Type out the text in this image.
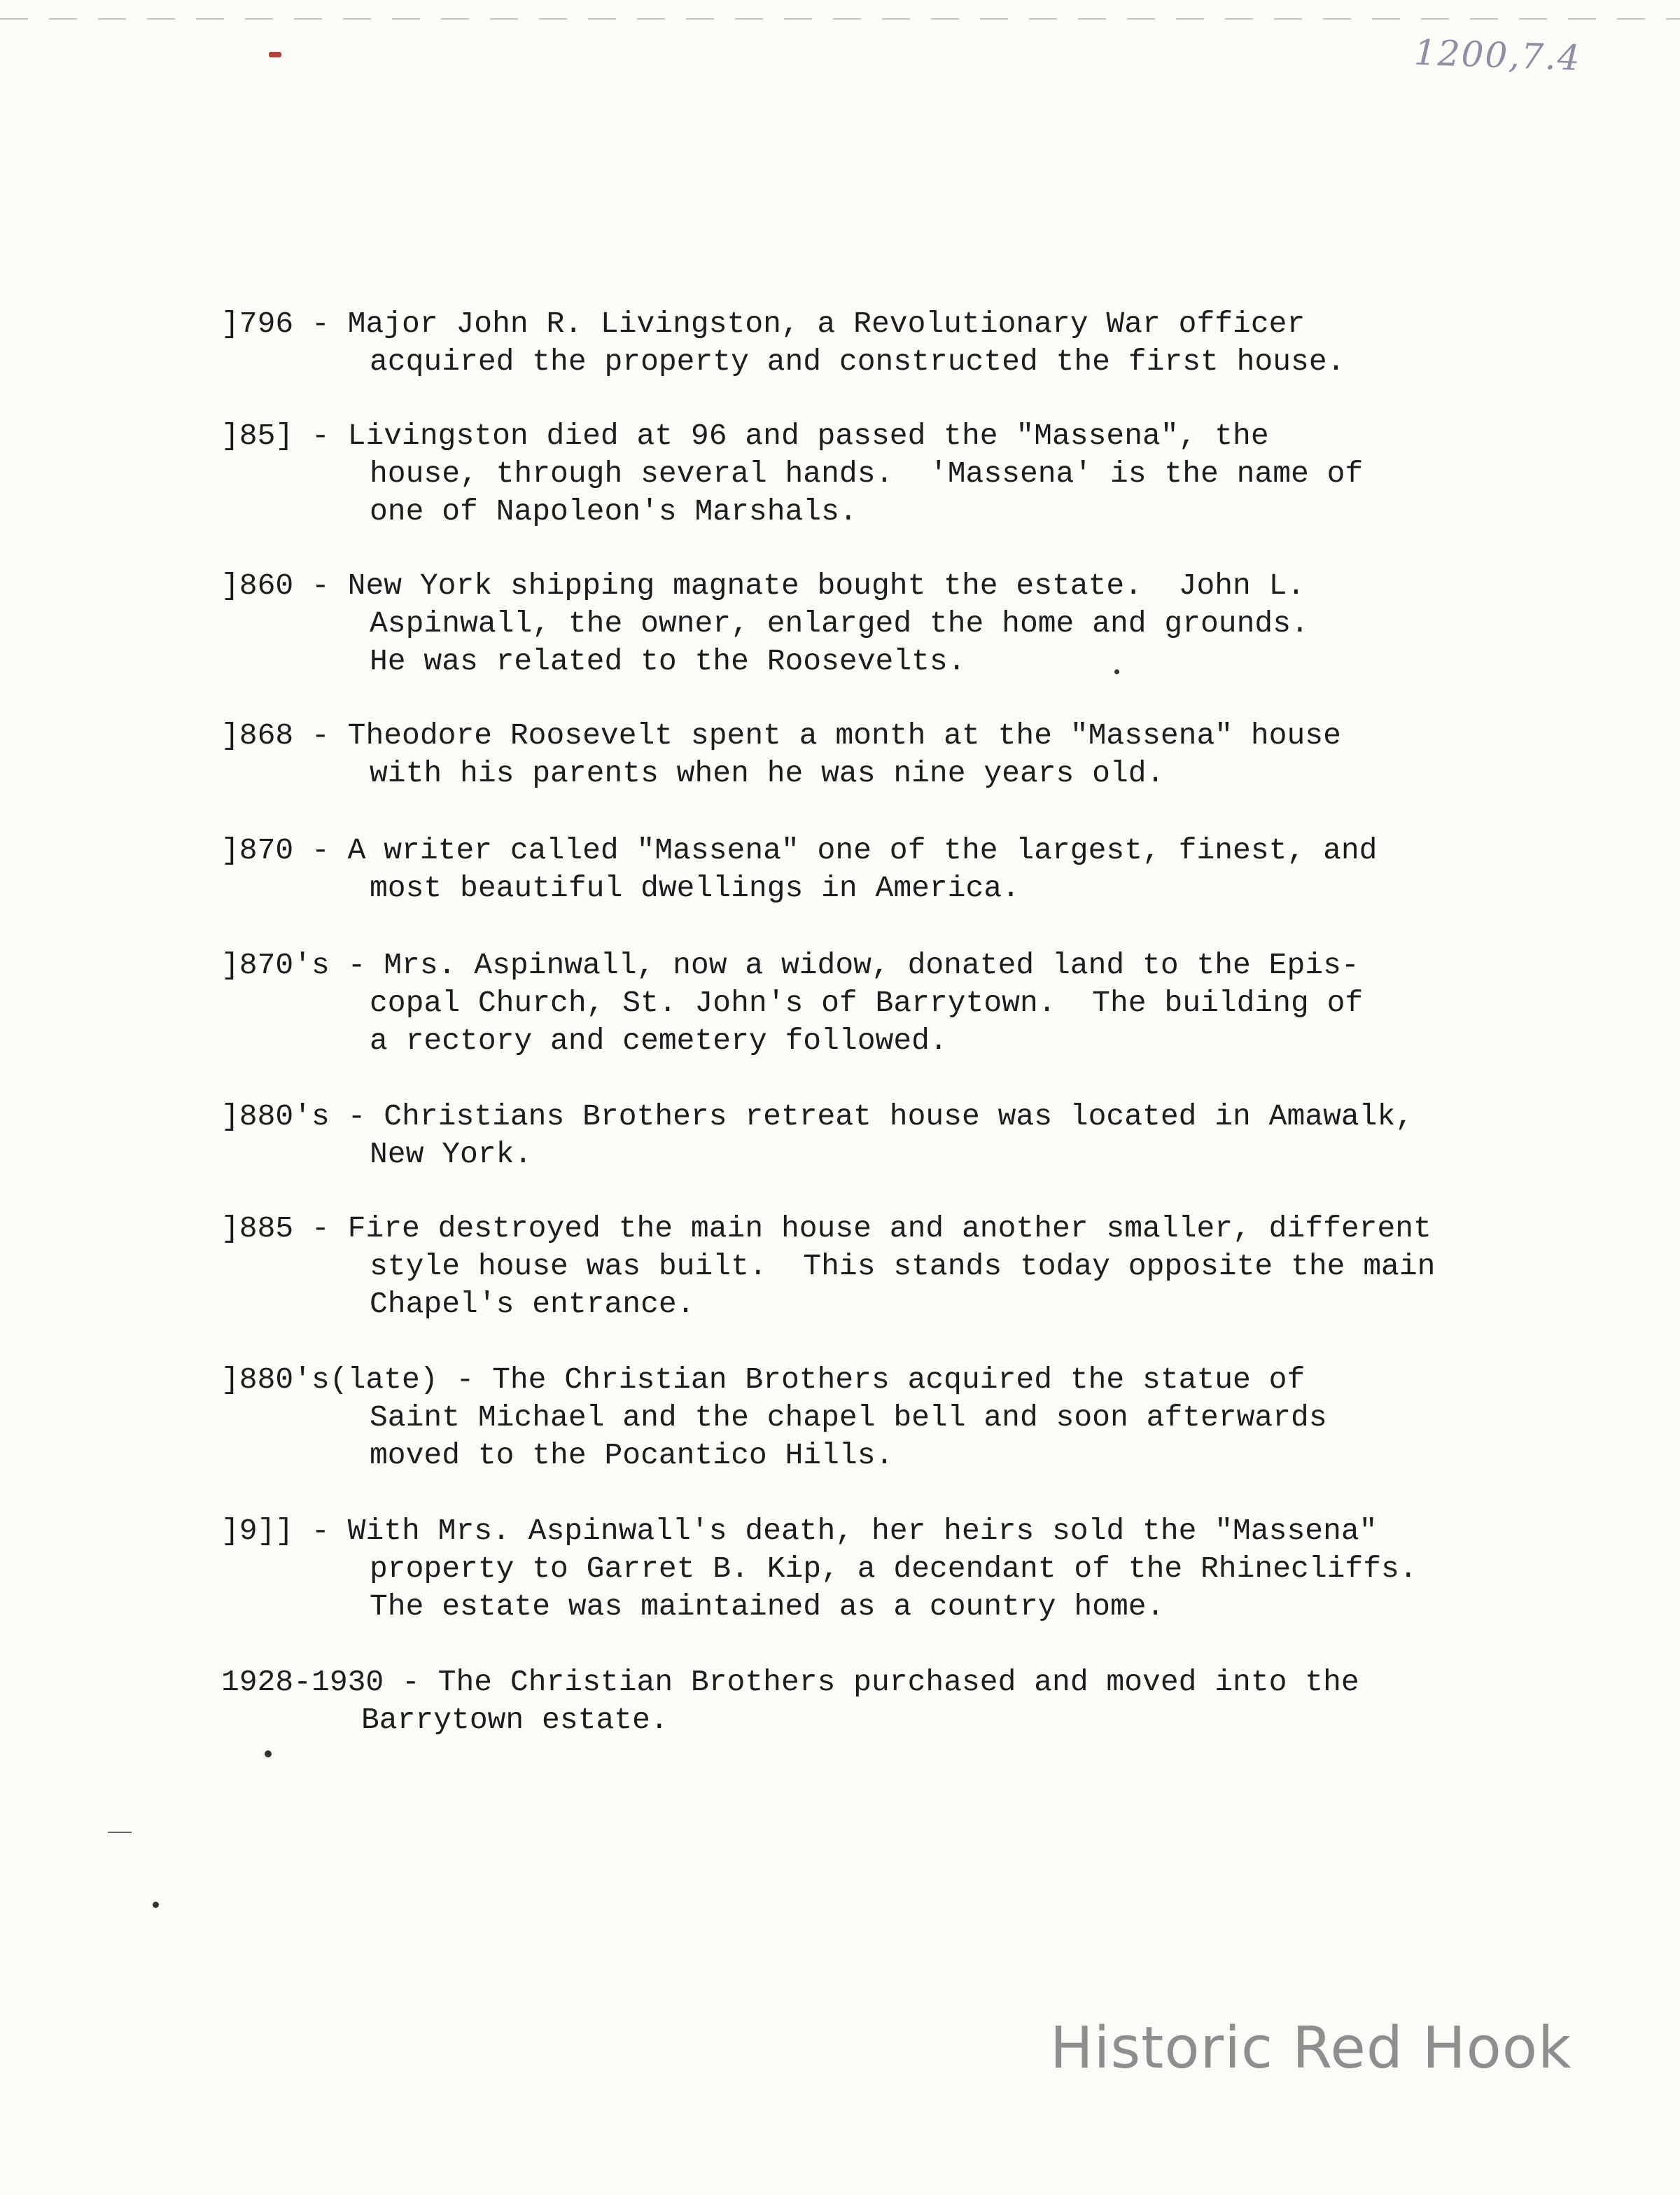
1200,7.4
]796 - Major John R. Livingston, a Revolutionary War officer
acquired the property and constructed the first house.
]85] - Livingston died at 96 and passed the "Massena", the
house, through several hands.  'Massena' is the name of
one of Napoleon's Marshals.
]860 - New York shipping magnate bought the estate.  John L.
Aspinwall, the owner, enlarged the home and grounds.
He was related to the Roosevelts.
]868 - Theodore Roosevelt spent a month at the "Massena" house
with his parents when he was nine years old.
]870 - A writer called "Massena" one of the largest, finest, and
most beautiful dwellings in America.
]870's - Mrs. Aspinwall, now a widow, donated land to the Epis-
copal Church, St. John's of Barrytown.  The building of
a rectory and cemetery followed.
]880's - Christians Brothers retreat house was located in Amawalk,
New York.
]885 - Fire destroyed the main house and another smaller, different
style house was built.  This stands today opposite the main
Chapel's entrance.
]880's(late) - The Christian Brothers acquired the statue of
Saint Michael and the chapel bell and soon afterwards
moved to the Pocantico Hills.
]9]] - With Mrs. Aspinwall's death, her heirs sold the "Massena"
property to Garret B. Kip, a decendant of the Rhinecliffs.
The estate was maintained as a country home.
1928-1930 - The Christian Brothers purchased and moved into the
Barrytown estate.
Historic Red Hook
